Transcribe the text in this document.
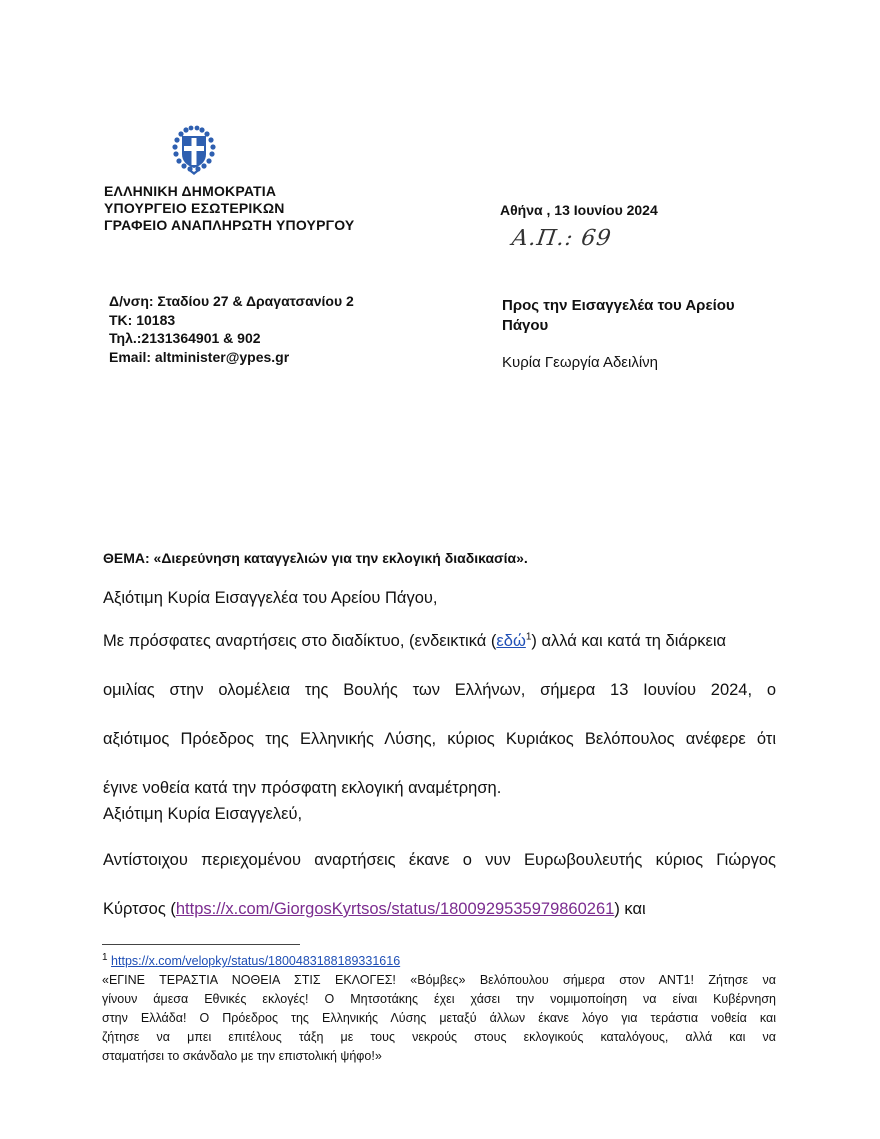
ΕΛΛΗΝΙΚΗ ΔΗΜΟΚΡΑΤΙΑ
ΥΠΟΥΡΓΕΙΟ ΕΣΩΤΕΡΙΚΩΝ
ΓΡΑΦΕΙΟ ΑΝΑΠΛΗΡΩΤΗ ΥΠΟΥΡΓΟΥ
Αθήνα , 13 Ιουνίου 2024
Α.Π.: 69
Δ/νση: Σταδίου 27 & Δραγατσανίου 2
ΤΚ: 10183
Τηλ.:2131364901 & 902
Email: altminister@ypes.gr
Προς την Εισαγγελέα του Αρείου
Πάγου
Κυρία Γεωργία Αδειλίνη
ΘΕΜΑ: «Διερεύνηση καταγγελιών για την εκλογική διαδικασία».
Αξιότιμη Κυρία Εισαγγελέα του Αρείου Πάγου,
Με πρόσφατες αναρτήσεις στο διαδίκτυο, (ενδεικτικά (εδώ$^1$) αλλά και κατά τη διάρκεια
ομιλίας στην ολομέλεια της Βουλής των Ελλήνων, σήμερα 13 Ιουνίου 2024, ο
αξιότιμος Πρόεδρος της Ελληνικής Λύσης, κύριος Κυριάκος Βελόπουλος ανέφερε ότι
έγινε νοθεία κατά την πρόσφατη εκλογική αναμέτρηση.
Αξιότιμη Κυρία Εισαγγελεύ,
Αντίστοιχου περιεχομένου αναρτήσεις έκανε ο νυν Ευρωβουλευτής κύριος Γιώργος
Κύρτσος (https://x.com/GiorgosKyrtsos/status/1800929535979860261) και
$^1$ https://x.com/velopky/status/1800483188189331616
«ΕΓΙΝΕ ΤΕΡΑΣΤΙΑ ΝΟΘΕΙΑ ΣΤΙΣ ΕΚΛΟΓΕΣ! «Βόμβες» Βελόπουλου σήμερα στον ΑΝΤ1! Ζήτησε να
γίνουν άμεσα Εθνικές εκλογές! Ο Μητσοτάκης έχει χάσει την νομιμοποίηση να είναι Κυβέρνηση
στην Ελλάδα! Ο Πρόεδρος της Ελληνικής Λύσης μεταξύ άλλων έκανε λόγο για τεράστια νοθεία και
ζήτησε να μπει επιτέλους τάξη με τους νεκρούς στους εκλογικούς καταλόγους, αλλά και να
σταματήσει το σκάνδαλο με την επιστολική ψήφο!»
